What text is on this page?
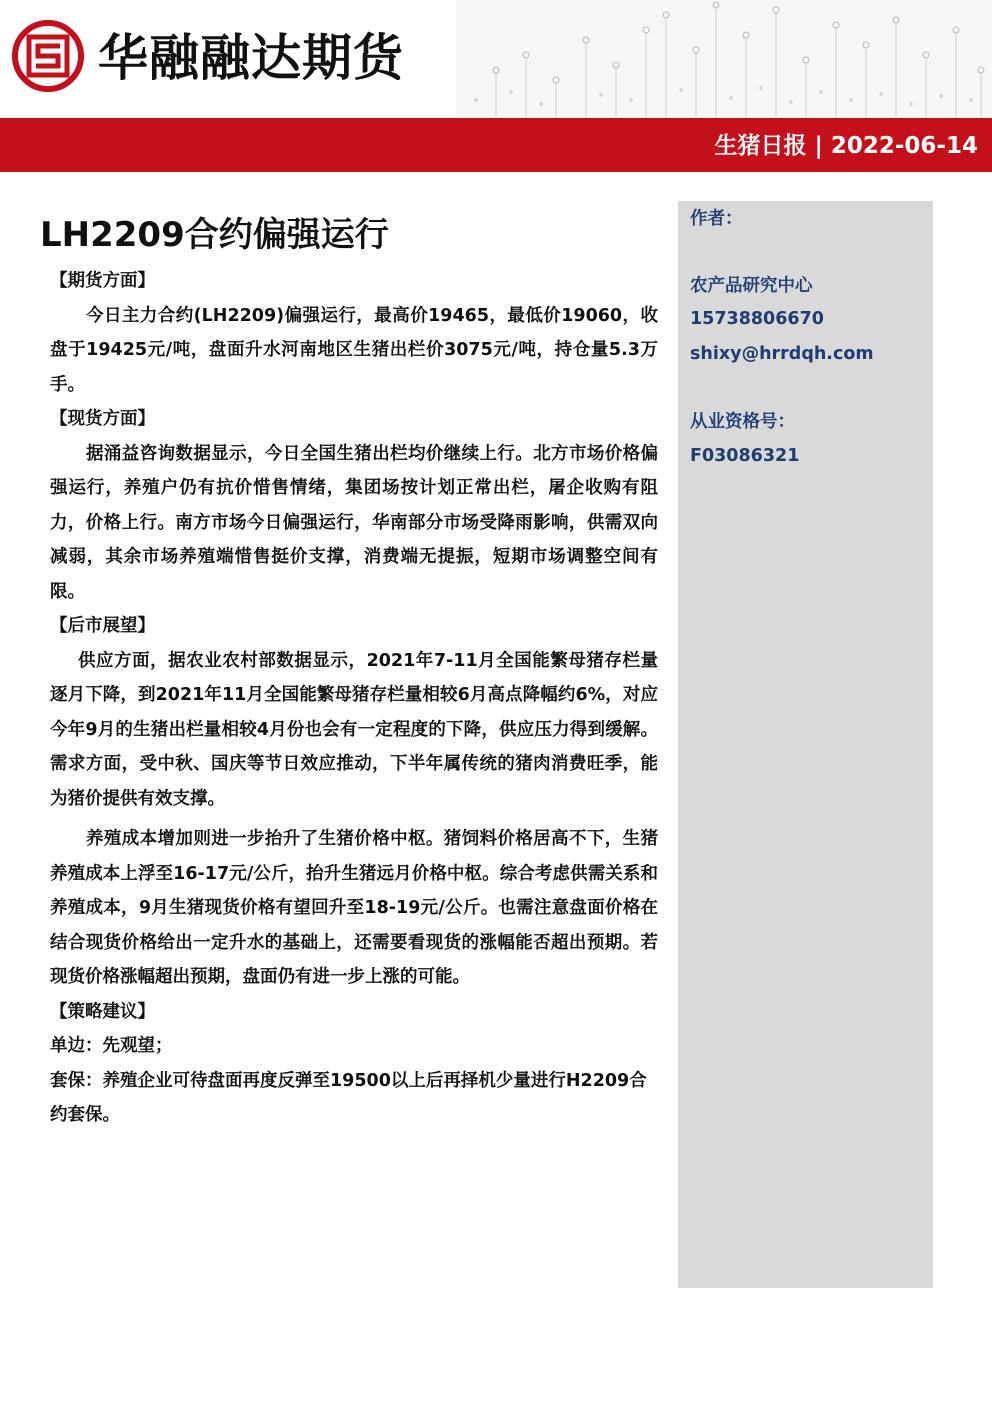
华融融达期货
生猪日报 | 2022-06-14
作者：
农产品研究中心
15738806670
shixy@hrrdqh.com
从业资格号：
F03086321
LH2209合约偏强运行

【期货方面】

今日主力合约(LH2209)偏强运行，最高价19465，最低价19060，收盘于19425元/吨，盘面升水河南地区生猪出栏价3075元/吨，持仓量5.3万手。

【现货方面】

据涌益咨询数据显示，今日全国生猪出栏均价继续上行。北方市场价格偏强运行，养殖户仍有抗价惜售情绪，集团场按计划正常出栏，屠企收购有阻力，价格上行。南方市场今日偏强运行，华南部分市场受降雨影响，供需双向减弱，其余市场养殖端惜售挺价支撑，消费端无提振，短期市场调整空间有限。

【后市展望】

供应方面，据农业农村部数据显示，2021年7-11月全国能繁母猪存栏量逐月下降，到2021年11月全国能繁母猪存栏量相较6月高点降幅约6%，对应今年9月的生猪出栏量相较4月份也会有一定程度的下降，供应压力得到缓解。需求方面，受中秋、国庆等节日效应推动，下半年属传统的猪肉消费旺季，能为猪价提供有效支撑。

养殖成本增加则进一步抬升了生猪价格中枢。猪饲料价格居高不下，生猪养殖成本上浮至16-17元/公斤，抬升生猪远月价格中枢。综合考虑供需关系和养殖成本，9月生猪现货价格有望回升至18-19元/公斤。也需注意盘面价格在结合现货价格给出一定升水的基础上，还需要看现货的涨幅能否超出预期。若现货价格涨幅超出预期，盘面仍有进一步上涨的可能。

【策略建议】

单边：先观望；

套保：养殖企业可待盘面再度反弹至19500以上后再择机少量进行H2209合约套保。
